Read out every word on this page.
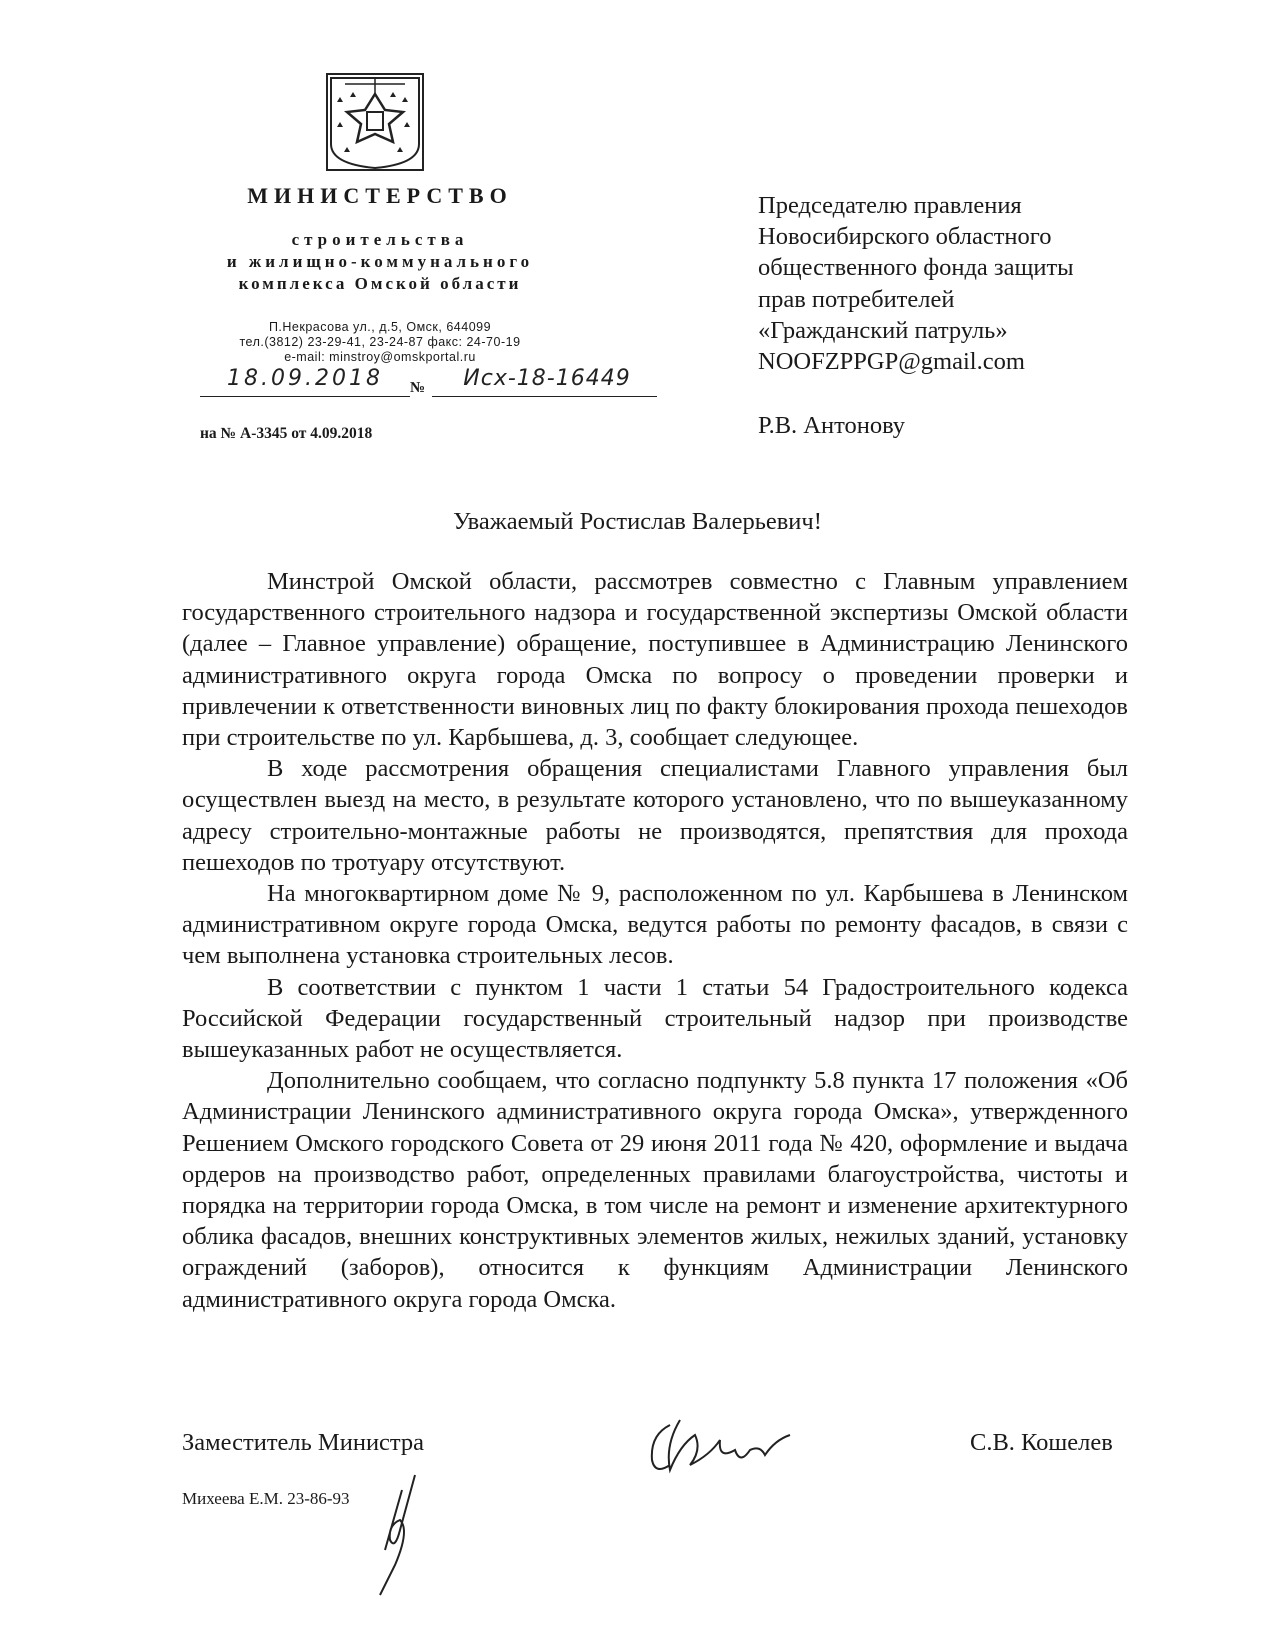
МИНИСТЕРСТВО
строительства
и жилищно-коммунального
комплекса Омской области
П.Некрасова ул., д.5, Омск, 644099
тел.(3812) 23-29-41, 23-24-87 факс: 24-70-19
e-mail: minstroy@omskportal.ru
18.09.2018	№	Исх-18-16449
на № А-3345 от 4.09.2018
Председателю правления
Новосибирского областного
общественного фонда защиты
прав потребителей
«Гражданский патруль»
NOOFZPPGP@gmail.com
Р.В. Антонову
Уважаемый Ростислав Валерьевич!

Минстрой Омской области, рассмотрев совместно с Главным управлением государственного строительного надзора и государственной экспертизы Омской области (далее – Главное управление) обращение, поступившее в Администрацию Ленинского административного округа города Омска по вопросу о проведении проверки и привлечении к ответственности виновных лиц по факту блокирования прохода пешеходов при строительстве по ул. Карбышева, д. 3, сообщает следующее.

В ходе рассмотрения обращения специалистами Главного управления был осуществлен выезд на место, в результате которого установлено, что по вышеуказанному адресу строительно-монтажные работы не производятся, препятствия для прохода пешеходов по тротуару отсутствуют.

На многоквартирном доме № 9, расположенном по ул. Карбышева в Ленинском административном округе города Омска, ведутся работы по ремонту фасадов, в связи с чем выполнена установка строительных лесов.

В соответствии с пунктом 1 части 1 статьи 54 Градостроительного кодекса Российской Федерации государственный строительный надзор при производстве вышеуказанных работ не осуществляется.

Дополнительно сообщаем, что согласно подпункту 5.8 пункта 17 положения «Об Администрации Ленинского административного округа города Омска», утвержденного Решением Омского городского Совета от 29 июня 2011 года № 420, оформление и выдача ордеров на производство работ, определенных правилами благоустройства, чистоты и порядка на территории города Омска, в том числе на ремонт и изменение архитектурного облика фасадов, внешних конструктивных элементов жилых, нежилых зданий, установку ограждений (заборов), относится к функциям Администрации Ленинского административного округа города Омска.

Заместитель Министра	С.В. Кошелев
Михеева Е.М. 23-86-93
